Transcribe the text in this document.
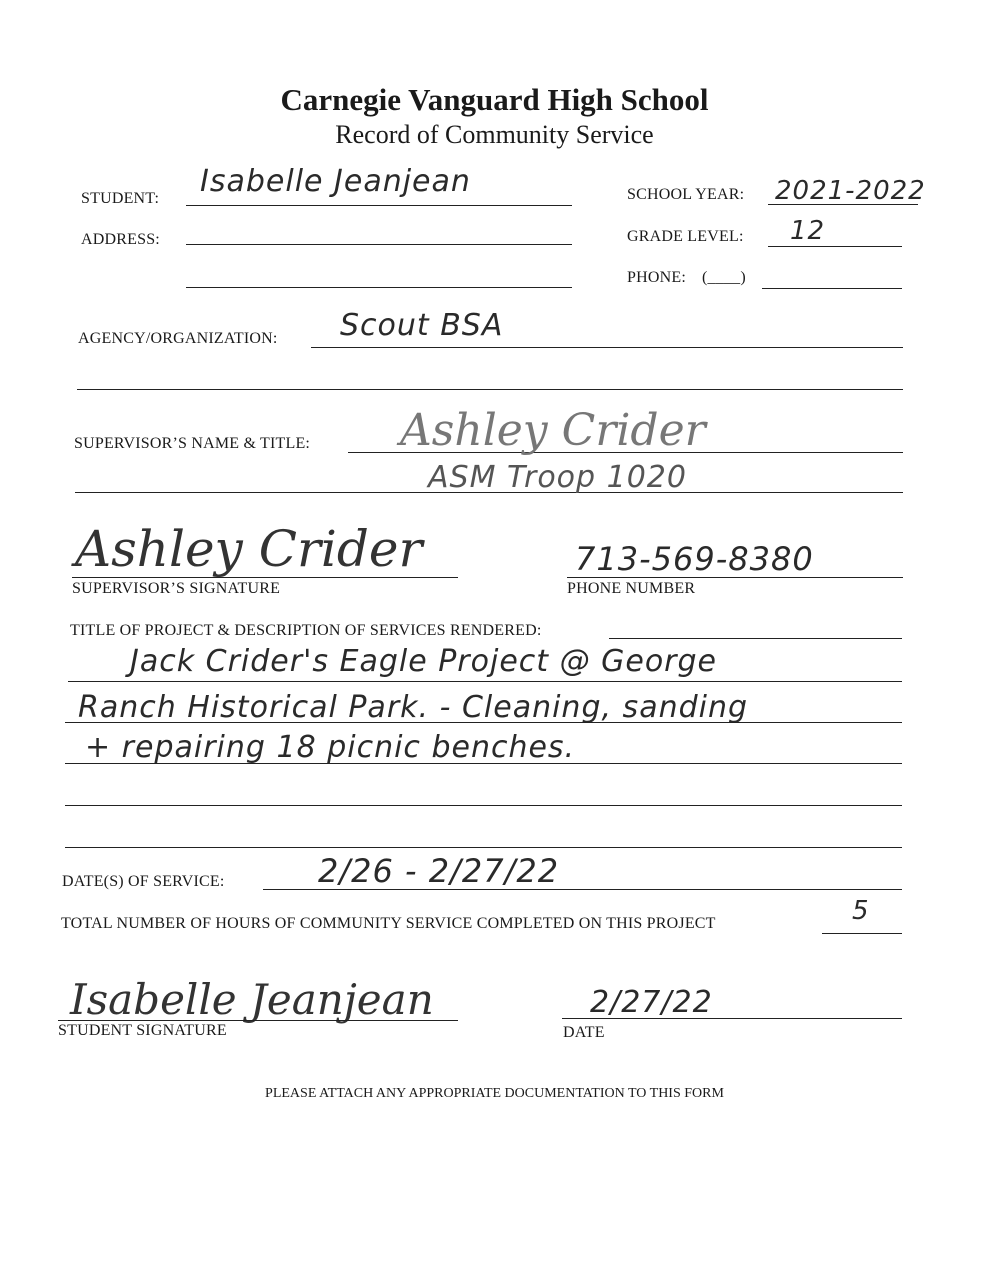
Carnegie Vanguard High School
Record of Community Service
STUDENT: Isabelle Jeanjean	SCHOOL YEAR: 2021-2022
ADDRESS:	GRADE LEVEL: 12
PHONE: (____)
AGENCY/ORGANIZATION: Scout BSA
SUPERVISOR’S NAME & TITLE: Ashley Crider
ASM Troop 1020
Ashley Crider
SUPERVISOR’S SIGNATURE
713-569-8380
PHONE NUMBER
TITLE OF PROJECT & DESCRIPTION OF SERVICES RENDERED:
Jack Crider's Eagle Project @ George
Ranch Historical Park. - Cleaning, sanding
+ repairing 18 picnic benches.
DATE(S) OF SERVICE:	2/26 - 2/27/22
TOTAL NUMBER OF HOURS OF COMMUNITY SERVICE COMPLETED ON THIS PROJECT	5
Isabelle Jeanjean
STUDENT SIGNATURE
2/27/22
DATE
PLEASE ATTACH ANY APPROPRIATE DOCUMENTATION TO THIS FORM
